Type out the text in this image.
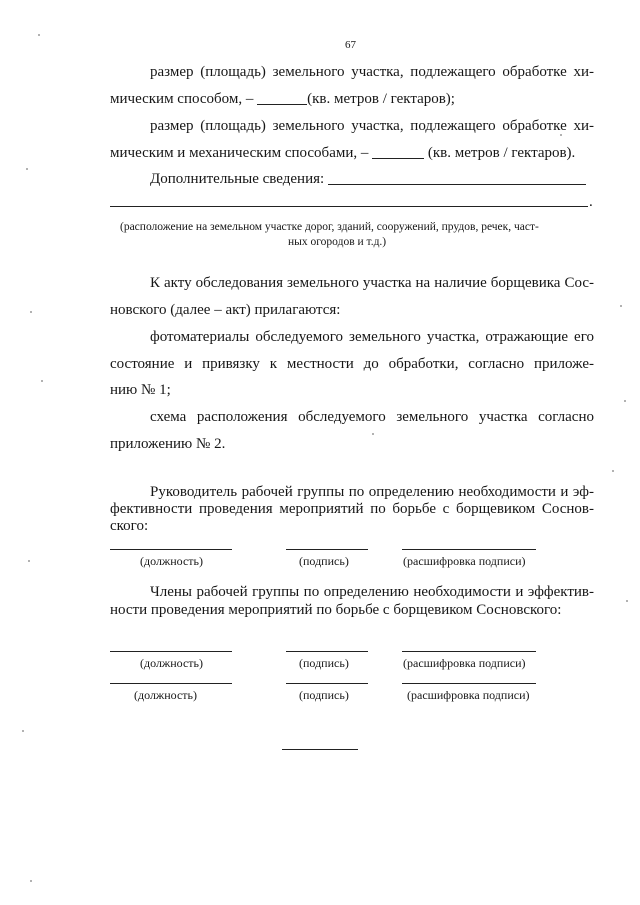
67
размер (площадь) земельного участка, подлежащего обработке хи-
мическим способом, –	(кв. метров / гектаров);
размер (площадь) земельного участка, подлежащего обработке хи-
мическим и механическим способами, –	(кв. метров / гектаров).
Дополнительные сведения:
.
(расположение на земельном участке дорог, зданий, сооружений, прудов, речек, част-
ных огородов и т.д.)
К акту обследования земельного участка на наличие борщевика Сос-
новского (далее – акт) прилагаются:
фотоматериалы обследуемого земельного участка, отражающие его
состояние и привязку к местности до обработки, согласно приложе-
нию № 1;
схема расположения обследуемого земельного участка согласно
приложению № 2.
Руководитель рабочей группы по определению необходимости и эф-
фективности проведения мероприятий по борьбе с борщевиком Соснов-
ского:
(должность)	(подпись)	(расшифровка подписи)
Члены рабочей группы по определению необходимости и эффектив-
ности проведения мероприятий по борьбе с борщевиком Сосновского:
(должность)	(подпись)	(расшифровка подписи)
(должность)	(подпись)	(расшифровка подписи)
